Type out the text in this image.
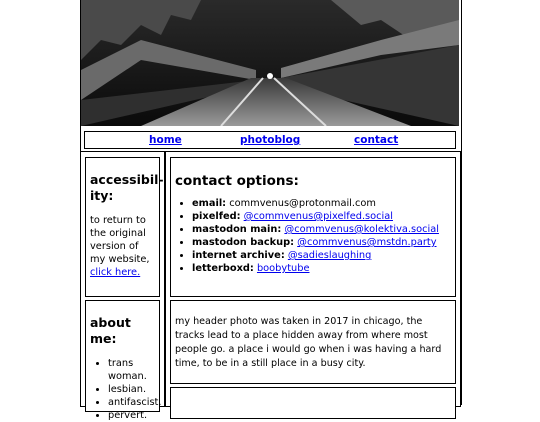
home	photoblog	contact

accessibil-ity:

to return to the original version of my website, click here.

about me:

• trans woman.
• lesbian.
• antifascist.
• pervert.

contact options:

• email: commvenus@protonmail.com
• pixelfed: @commvenus@pixelfed.social
• mastodon main: @commvenus@kolektiva.social
• mastodon backup: @commvenus@mstdn.party
• internet archive: @sadieslaughing
• letterboxd: boobytube

my header photo was taken in 2017 in chicago, the tracks lead to a place hidden away from where most people go. a place i would go when i was having a hard time, to be in a still place in a busy city.
